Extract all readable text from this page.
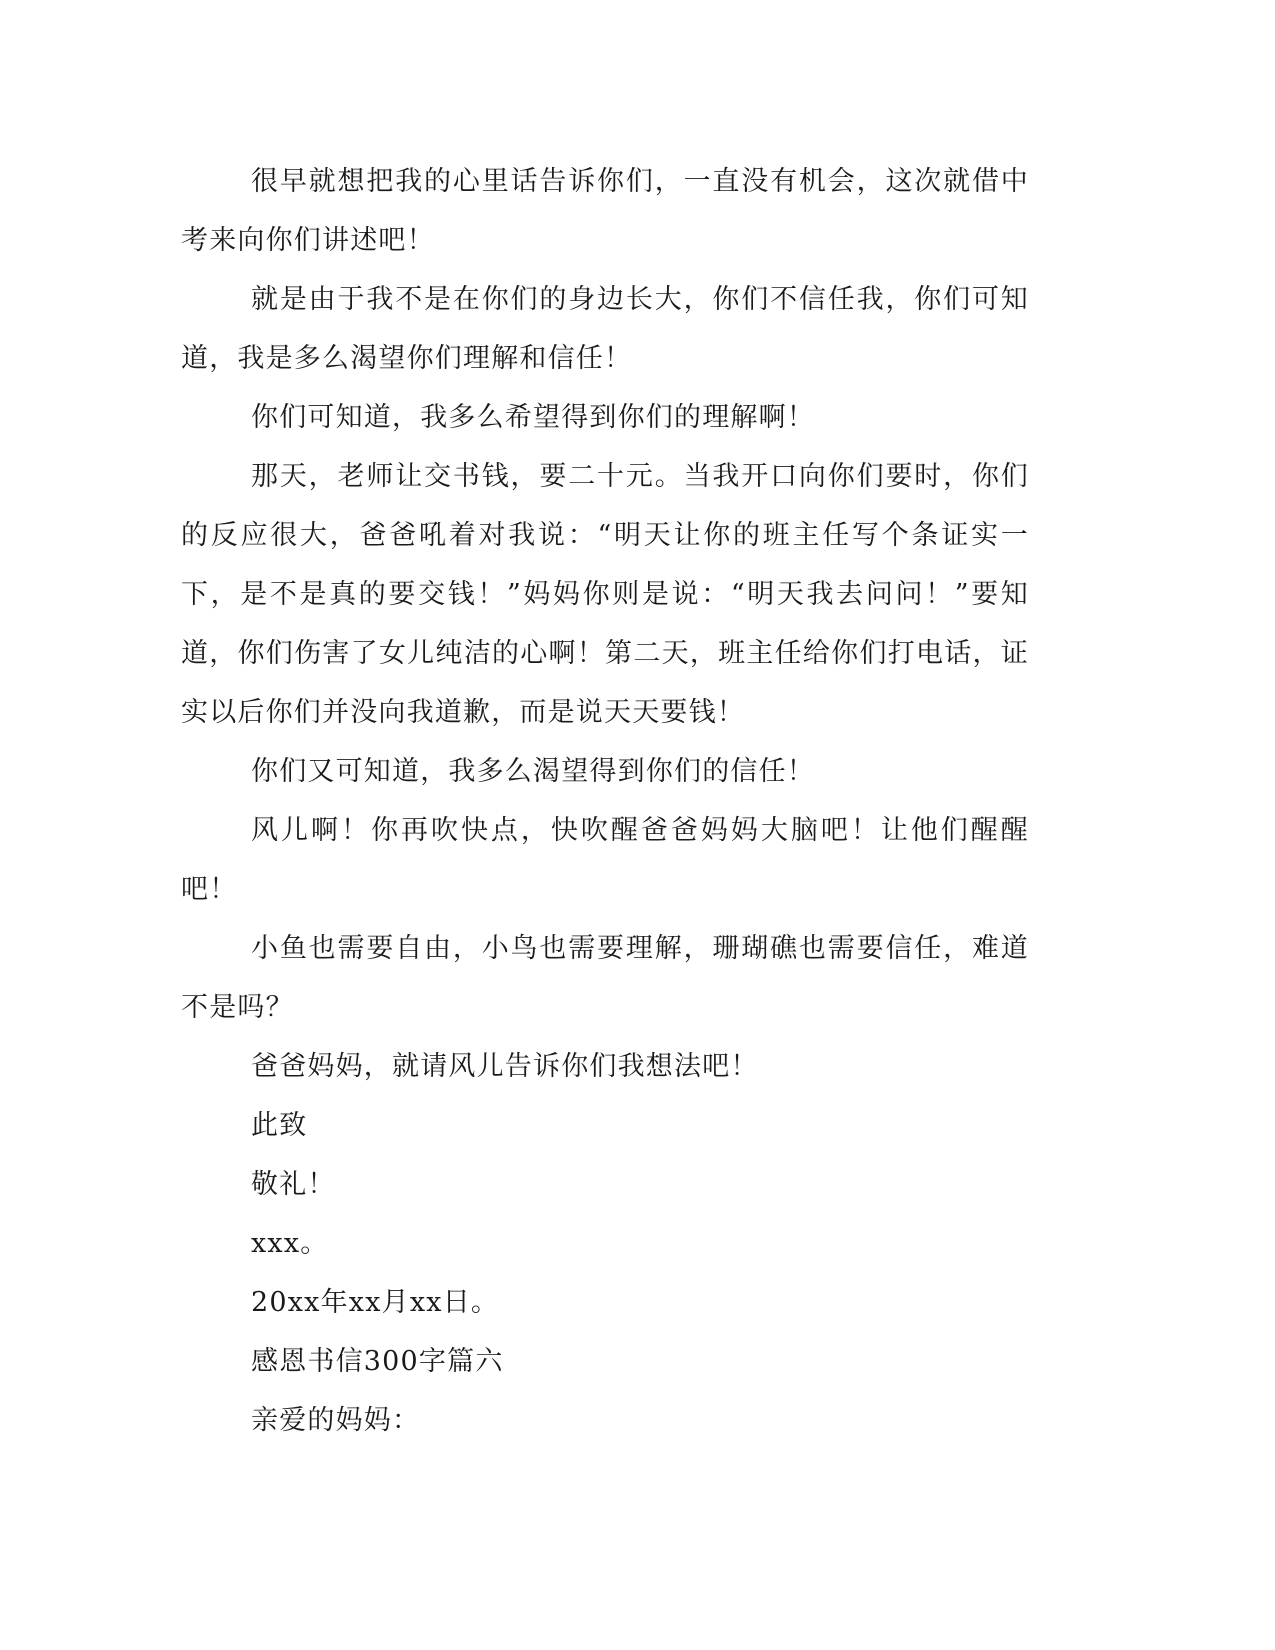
很早就想把我的心里话告诉你们，一直没有机会，这次就借中考来向你们讲述吧！

就是由于我不是在你们的身边长大，你们不信任我，你们可知道，我是多么渴望你们理解和信任！

你们可知道，我多么希望得到你们的理解啊！

那天，老师让交书钱，要二十元。当我开口向你们要时，你们的反应很大，爸爸吼着对我说：“明天让你的班主任写个条证实一下，是不是真的要交钱！”妈妈你则是说：“明天我去问问！”要知道，你们伤害了女儿纯洁的心啊！第二天，班主任给你们打电话，证实以后你们并没向我道歉，而是说天天要钱！

你们又可知道，我多么渴望得到你们的信任！

风儿啊！你再吹快点，快吹醒爸爸妈妈大脑吧！让他们醒醒吧！

小鱼也需要自由，小鸟也需要理解，珊瑚礁也需要信任，难道不是吗？

爸爸妈妈，就请风儿告诉你们我想法吧！

此致

敬礼！

xxx。

20xx年xx月xx日。

感恩书信300字篇六

亲爱的妈妈：
